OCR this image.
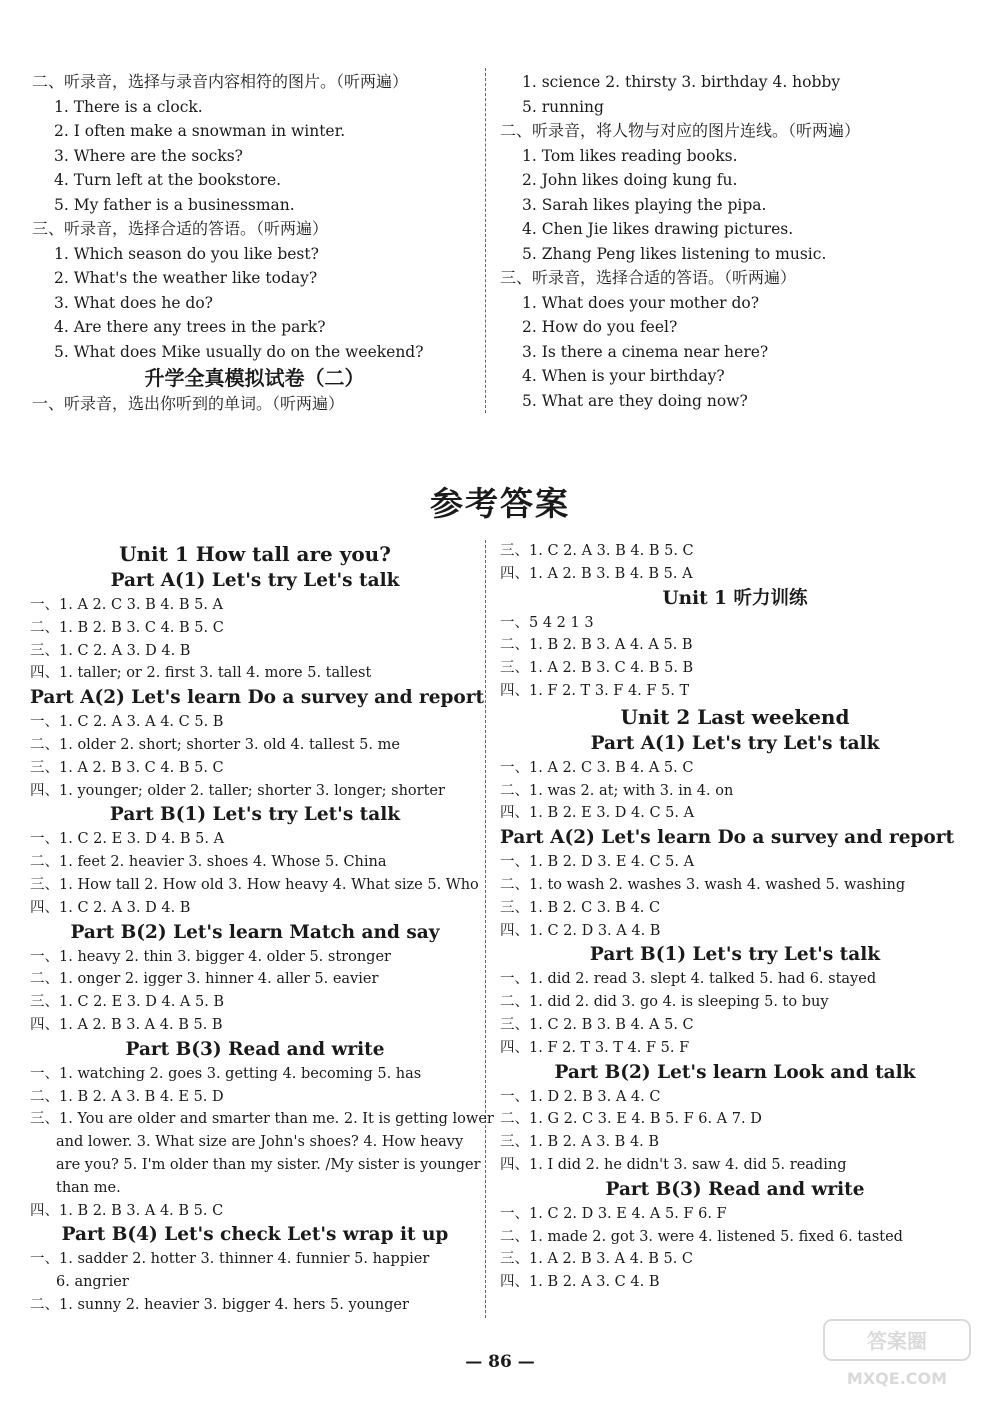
二、听录音，选择与录音内容相符的图片。（听两遍）
1. There is a clock.
2. I often make a snowman in winter.
3. Where are the socks?
4. Turn left at the bookstore.
5. My father is a businessman.
三、听录音，选择合适的答语。（听两遍）
1. Which season do you like best?
2. What's the weather like today?
3. What does he do?
4. Are there any trees in the park?
5. What does Mike usually do on the weekend?
升学全真模拟试卷（二）
一、听录音，选出你听到的单词。（听两遍）
1. science 2. thirsty 3. birthday 4. hobby
5. running
二、听录音，将人物与对应的图片连线。（听两遍）
1. Tom likes reading books.
2. John likes doing kung fu.
3. Sarah likes playing the pipa.
4. Chen Jie likes drawing pictures.
5. Zhang Peng likes listening to music.
三、听录音，选择合适的答语。（听两遍）
1. What does your mother do?
2. How do you feel?
3. Is there a cinema near here?
4. When is your birthday?
5. What are they doing now?
参考答案
Unit 1 How tall are you?
Part A(1) Let's try Let's talk
一、1. A 2. C 3. B 4. B 5. A
二、1. B 2. B 3. C 4. B 5. C
三、1. C 2. A 3. D 4. B
四、1. taller; or 2. first 3. tall 4. more 5. tallest
Part A(2) Let's learn Do a survey and report
一、1. C 2. A 3. A 4. C 5. B
二、1. older 2. short; shorter 3. old 4. tallest 5. me
三、1. A 2. B 3. C 4. B 5. C
四、1. younger; older 2. taller; shorter 3. longer; shorter
Part B(1) Let's try Let's talk
一、1. C 2. E 3. D 4. B 5. A
二、1. feet 2. heavier 3. shoes 4. Whose 5. China
三、1. How tall 2. How old 3. How heavy 4. What size 5. Who
四、1. C 2. A 3. D 4. B
Part B(2) Let's learn Match and say
一、1. heavy 2. thin 3. bigger 4. older 5. stronger
二、1. onger 2. igger 3. hinner 4. aller 5. eavier
三、1. C 2. E 3. D 4. A 5. B
四、1. A 2. B 3. A 4. B 5. B
Part B(3) Read and write
一、1. watching 2. goes 3. getting 4. becoming 5. has
二、1. B 2. A 3. B 4. E 5. D
三、1. You are older and smarter than me. 2. It is getting lower
and lower. 3. What size are John's shoes? 4. How heavy
are you? 5. I'm older than my sister. /My sister is younger
than me.
四、1. B 2. B 3. A 4. B 5. C
Part B(4) Let's check Let's wrap it up
一、1. sadder 2. hotter 3. thinner 4. funnier 5. happier
6. angrier
二、1. sunny 2. heavier 3. bigger 4. hers 5. younger
三、1. C 2. A 3. B 4. B 5. C
四、1. A 2. B 3. B 4. B 5. A
Unit 1 听力训练
一、5 4 2 1 3
二、1. B 2. B 3. A 4. A 5. B
三、1. A 2. B 3. C 4. B 5. B
四、1. F 2. T 3. F 4. F 5. T
Unit 2 Last weekend
Part A(1) Let's try Let's talk
一、1. A 2. C 3. B 4. A 5. C
二、1. was 2. at; with 3. in 4. on
四、1. B 2. E 3. D 4. C 5. A
Part A(2) Let's learn Do a survey and report
一、1. B 2. D 3. E 4. C 5. A
二、1. to wash 2. washes 3. wash 4. washed 5. washing
三、1. B 2. C 3. B 4. C
四、1. C 2. D 3. A 4. B
Part B(1) Let's try Let's talk
一、1. did 2. read 3. slept 4. talked 5. had 6. stayed
二、1. did 2. did 3. go 4. is sleeping 5. to buy
三、1. C 2. B 3. B 4. A 5. C
四、1. F 2. T 3. T 4. F 5. F
Part B(2) Let's learn Look and talk
一、1. D 2. B 3. A 4. C
二、1. G 2. C 3. E 4. B 5. F 6. A 7. D
三、1. B 2. A 3. B 4. B
四、1. I did 2. he didn't 3. saw 4. did 5. reading
Part B(3) Read and write
一、1. C 2. D 3. E 4. A 5. F 6. F
二、1. made 2. got 3. were 4. listened 5. fixed 6. tasted
三、1. A 2. B 3. A 4. B 5. C
四、1. B 2. A 3. C 4. B
— 86 —
答案圈
MXQE.COM
